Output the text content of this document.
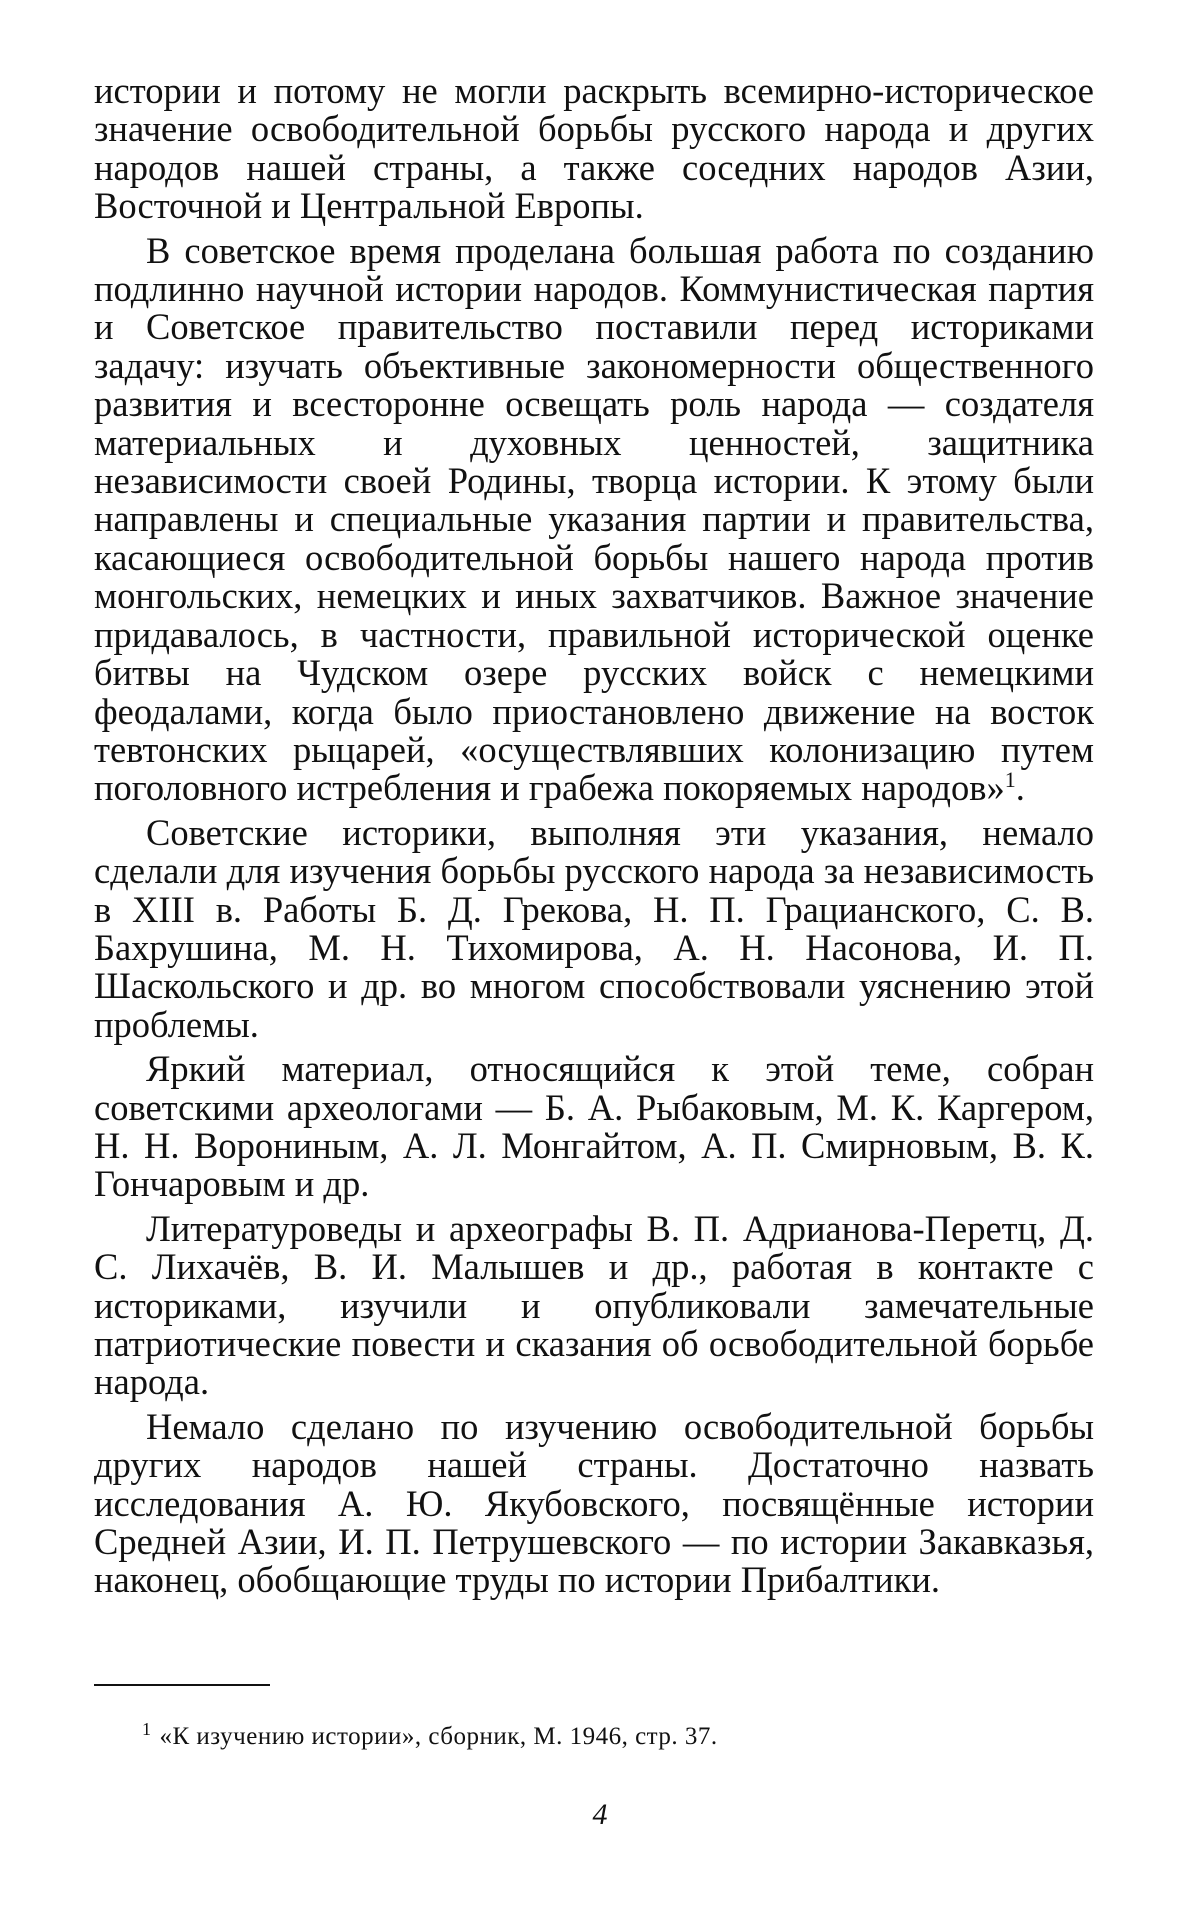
истории и потому не могли раскрыть всемирно-историческое значение освободительной борьбы русского народа и других народов нашей страны, а также соседних народов Азии, Восточной и Центральной Европы.

В советское время проделана большая работа по созданию подлинно научной истории народов. Коммунистическая партия и Советское правительство поставили перед историками задачу: изучать объективные закономерности общественного развития и всесторонне освещать роль народа — создателя материальных и духовных ценностей, защитника независимости своей Родины, творца истории. К этому были направлены и специальные указания партии и правительства, касающиеся освободительной борьбы нашего народа против монгольских, немецких и иных захватчиков. Важное значение придавалось, в частности, правильной исторической оценке битвы на Чудском озере русских войск с немецкими феодалами, когда было приостановлено движение на восток тевтонских рыцарей, «осуществлявших колонизацию путем поголовного истребления и грабежа покоряемых народов»$^1$.

Советские историки, выполняя эти указания, немало сделали для изучения борьбы русского народа за независимость в XIII в. Работы Б. Д. Грекова, Н. П. Грацианского, С. В. Бахрушина, М. Н. Тихомирова, А. Н. Насонова, И. П. Шаскольского и др. во многом способствовали уяснению этой проблемы.

Яркий материал, относящийся к этой теме, собран советскими археологами — Б. А. Рыбаковым, М. К. Каргером, Н. Н. Ворониным, А. Л. Монгайтом, А. П. Смирновым, В. К. Гончаровым и др.

Литературоведы и археографы В. П. Адрианова-Перетц, Д. С. Лихачёв, В. И. Малышев и др., работая в контакте с историками, изучили и опубликовали замечательные патриотические повести и сказания об освободительной борьбе народа.

Немало сделано по изучению освободительной борьбы других народов нашей страны. Достаточно назвать исследования А. Ю. Якубовского, посвящённые истории Средней Азии, И. П. Петрушевского — по истории Закавказья, наконец, обобщающие труды по истории Прибалтики.

$^1$ «К изучению истории», сборник, М. 1946, стр. 37.

4
